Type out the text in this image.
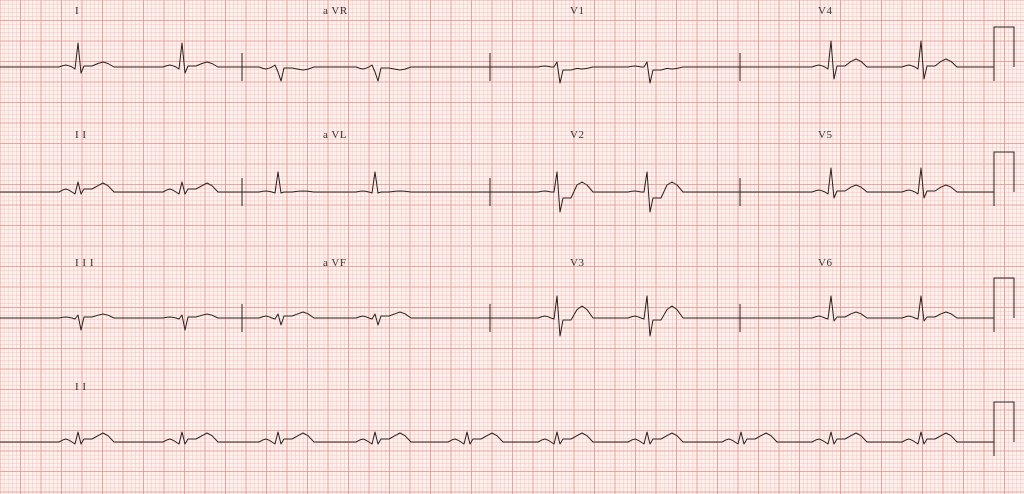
I	a VR	V1	V4
I I	a VL	V2	V5
I I I	a VF	V3	V6
I I
